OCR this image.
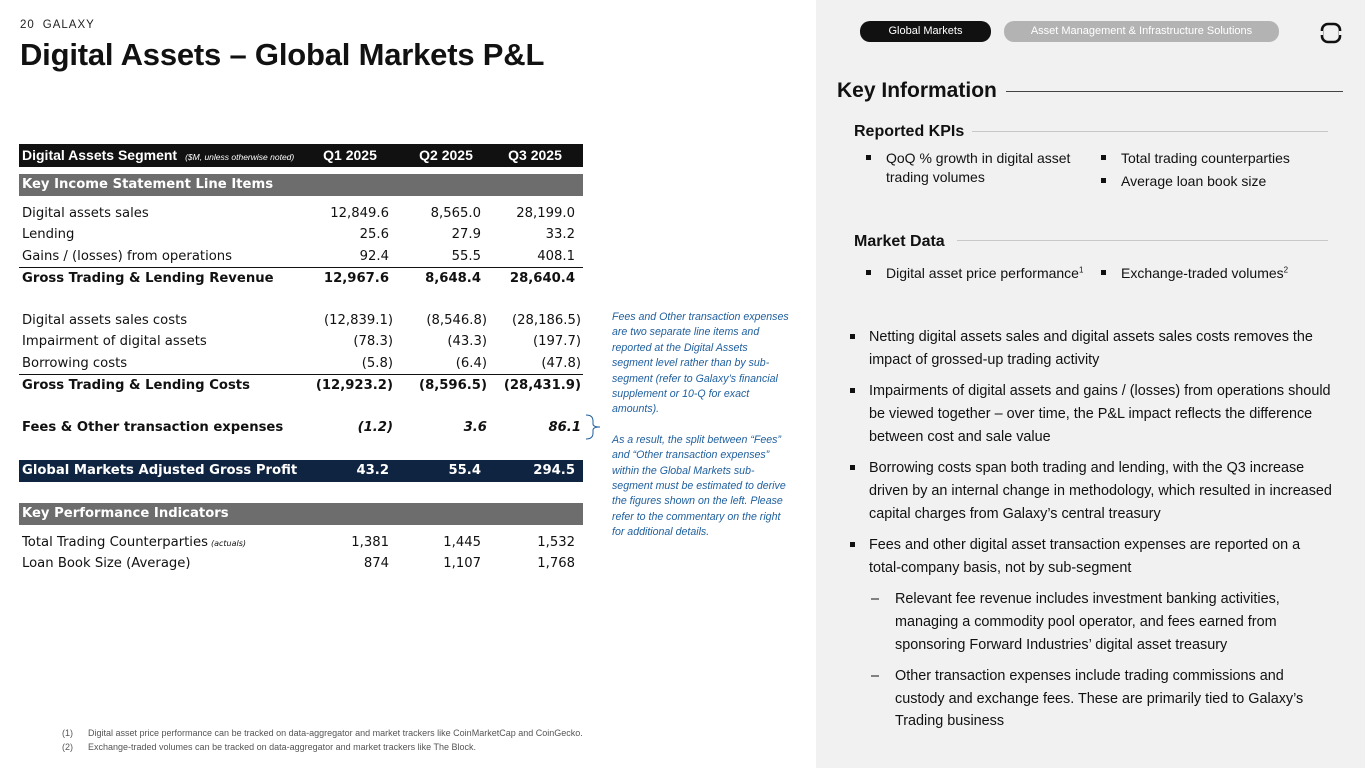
20 GALAXY
Digital Assets – Global Markets P&L
Digital Assets Segment ($M, unless otherwise noted)	Q1 2025	Q2 2025	Q3 2025
Key Income Statement Line Items
Digital assets sales	12,849.6	8,565.0	28,199.0
Lending	25.6	27.9	33.2
Gains / (losses) from operations	92.4	55.5	408.1
Gross Trading & Lending Revenue	12,967.6	8,648.4 28,640.4
Digital assets sales costs	(12,839.1)	(8,546.8) (28,186.5)
Impairment of digital assets	(78.3)	(43.3)	(197.7)
Borrowing costs	(5.8)	(6.4)	(47.8)
Gross Trading & Lending Costs	(12,923.2) (8,596.5) (28,431.9)
Fees & Other transaction expenses	(1.2)	3.6	86.1
Global Markets Adjusted Gross Profit	43.2	55.4	294.5
Key Performance Indicators
Total Trading Counterparties (actuals)	1,381	1,445	1,532
Loan Book Size (Average)	874	1,107	1,768

Fees and Other transaction expenses are two separate line items and reported at the Digital Assets segment level rather than by sub-segment (refer to Galaxy’s financial supplement or 10-Q for exact amounts).

As a result, the split between “Fees” and “Other transaction expenses” within the Global Markets sub-segment must be estimated to derive the figures shown on the left. Please refer to the commentary on the right for additional details.

(1)	Digital asset price performance can be tracked on data-aggregator and market trackers like CoinMarketCap and CoinGecko.
(2)	Exchange-traded volumes can be tracked on data-aggregator and market trackers like The Block.
Global Markets	Asset Management & Infrastructure Solutions
Key Information
Reported KPIs
QoQ % growth in digital asset trading volumes
Total trading counterparties
Average loan book size
Market Data
Digital asset price performance$^1$	Exchange-traded volumes$^2$
Netting digital assets sales and digital assets sales costs removes the impact of grossed-up trading activity
Impairments of digital assets and gains / (losses) from operations should be viewed together – over time, the P&L impact reflects the difference between cost and sale value
Borrowing costs span both trading and lending, with the Q3 increase driven by an internal change in methodology, which resulted in increased capital charges from Galaxy’s central treasury
Fees and other digital asset transaction expenses are reported on a total-company basis, not by sub-segment
– Relevant fee revenue includes investment banking activities, managing a commodity pool operator, and fees earned from sponsoring Forward Industries’ digital asset treasury
– Other transaction expenses include trading commissions and custody and exchange fees. These are primarily tied to Galaxy’s Trading business
